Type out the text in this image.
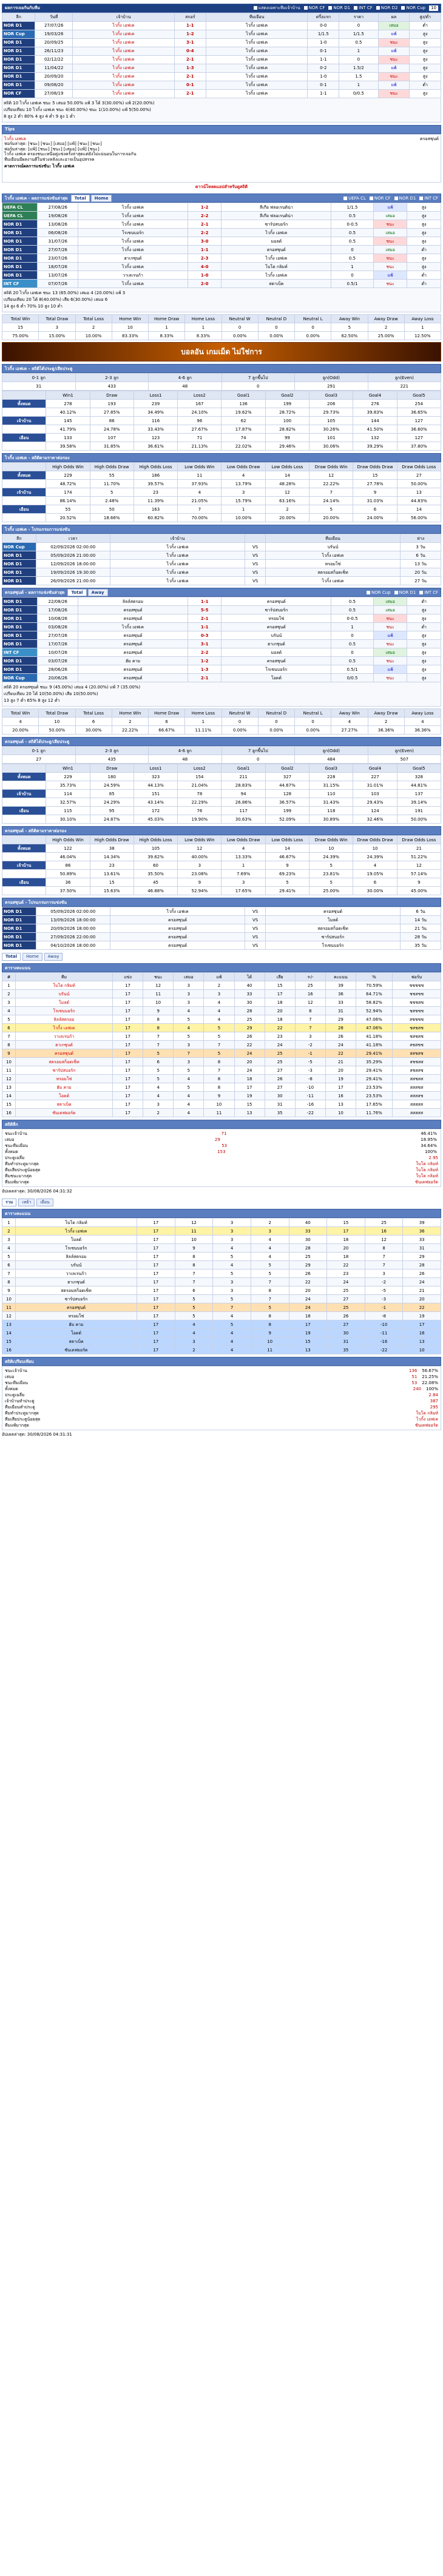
ผลการเจอกันกับทีม	แสดงเฉพาะทีมเจ้าบ้าน	NOR CF	NOR D1	INT CF	NOR D2	NOR Cup	10
ลีก	วันที่	เจ้าบ้าน	สกอร์	ทีมเยือน	ครึ่งแรก	ราคา	ผล	สูง/ต่ำ
NOR D1	27/07/26	ไวกิ้ง เอฟเค	1-1	ไวกิ้ง เอฟเค	0-0	0	เสมอ	ต่ำ
NOR Cup	19/03/26	ไวกิ้ง เอฟเค	1-2	ไวกิ้ง เอฟเค	1/1.5	1/1.5	แพ้	สูง
NOR D1	20/09/25	ไวกิ้ง เอฟเค	3-1	ไวกิ้ง เอฟเค	1-0	0.5	ชนะ	สูง
NOR D1	26/11/23	ไวกิ้ง เอฟเค	0-4	ไวกิ้ง เอฟเค	0-1	1	แพ้	สูง
NOR D1	02/12/22	ไวกิ้ง เอฟเค	2-1	ไวกิ้ง เอฟเค	1-1	0	ชนะ	สูง
NOR D1	11/04/22	ไวกิ้ง เอฟเค	1-3	ไวกิ้ง เอฟเค	0-2	1.5/2	แพ้	สูง
NOR D1	20/09/20	ไวกิ้ง เอฟเค	2-1	ไวกิ้ง เอฟเค	1-0	1.5	ชนะ	สูง
NOR D1	09/08/20	ไวกิ้ง เอฟเค	0-1	ไวกิ้ง เอฟเค	0-1	1	แพ้	ต่ำ
NOR CF	27/08/19	ไวกิ้ง เอฟเค	2-1	ไวกิ้ง เอฟเค	1-1	0/0.5	ชนะ	สูง
สถิติ 10 ไวกิ้ง เอฟเค ชนะ 5 เสมอ 50.00% แพ้ 3 ได้ 3(30.00%) แพ้ 2(20.00%)
เปรียบเทียบ 10 ไวกิ้ง เอฟเค ชนะ 4(40.00%) ชนะ 1(10.00%) แพ้ 5(50.00%)
8 สูง 2 ต่ำ 80% 4 สูง 4 ต่ำ 9 สูง 1 ต่ำ
Tips
ไวกิ้ง เอฟเค	ครอสซุนด์
ฟอร์มล่าสุด: [ชนะ] [ชนะ] [เสมอ] [แพ้] [ชนะ] [ชนะ]
ฟอร์มล่าสุด: [แพ้] [ชนะ] [ชนะ] [เสมอ] [แพ้] [ชนะ]
ไวกิ้ง เอฟเค ครองชนะเหนือคู่แข่งครั้งล่าสุดแต่ยังไม่แน่นอนในการเจอกัน
ทีมเยือนมีผลงานดีในช่วงหลังและอาจเป็นอุปสรรค
คาดการณ์ผลการแข่งขัน: ไวกิ้ง เอฟเค
ดาวน์โหลดแอปสำหรับดูสถิติ
ไวกิ้ง เอฟเค - ผลการแข่งขันล่าสุด	Total	Home	UEFA CL	NOR CF	NOR D1	INT CF
UEFA CL	27/08/26	ไวกิ้ง เอฟเค	1-2	ลีเกีย ฟลอเรนติน่า	1/1.5	แพ้	สูง
UEFA CL	19/08/26	ไวกิ้ง เอฟเค	2-2	ลีเกีย ฟลอเรนติน่า	0.5	เสมอ	สูง
NOR D1	13/08/26	ไวกิ้ง เอฟเค	2-1	ซาร์ปสบอร์ก	0-0.5	ชนะ	สูง
NOR D1	06/08/26	โรเซนบอร์ก	2-2	ไวกิ้ง เอฟเค	0.5	เสมอ	สูง
NOR D1	31/07/26	ไวกิ้ง เอฟเค	3-0	มอลด์	0.5	ชนะ	สูง
NOR D1	27/07/26	ไวกิ้ง เอฟเค	1-1	ครอสซุนด์	0	เสมอ	ต่ำ
NOR D1	23/07/26	ฮาเกซุนด์	2-3	ไวกิ้ง เอฟเค	0.5	ชนะ	สูง
NOR D1	18/07/26	ไวกิ้ง เอฟเค	4-0	โบโด กลิมท์	1	ชนะ	สูง
NOR D1	13/07/26	วาเลเรนก้า	1-0	ไวกิ้ง เอฟเค	0	แพ้	ต่ำ
INT CF	07/07/26	ไวกิ้ง เอฟเค	2-0	สตาเบ็ค	0.5/1	ชนะ	ต่ำ
สถิติ 20 ไวกิ้ง เอฟเค ชนะ 13 (65.00%) เสมอ 4 (20.00%) แพ้ 3
เปรียบเทียบ 20 ได้ 8(40.00%) เสีย 6(30.00%) เสมอ 6
14 สูง 6 ต่ำ 70% 10 สูง 10 ต่ำ
Total Win	Total Draw	Total Loss	Home Win	Home Draw	Home Loss	Neutral W	Neutral D	Neutral L	Away Win	Away Draw	Away Loss
15	3	2	10	1	1	0	0	0	5	2	1
75.00%	15.00%	10.00%	83.33%	8.33%	8.33%	0.00%	0.00%	0.00%	62.50%	25.00%	12.50%
บอลอัน เกมเม็ด ไม่ใช่การ
ไวกิ้ง เอฟเค - สถิติได้ประตู/เสียประตู
0-1 ลูก	2-3 ลูก	4-6 ลูก	7 ลูกขึ้นไป	ลูก(Odd)	ลูก(Even)
31	433	48	0	291	221
	Win1	Draw	Loss1	Loss2	Goal1	Goal2	Goal3	Goal4	Goal5
ทั้งหมด	278	193	239	167	136	199	206	276	254
	40.12%	27.85%	34.49%	24.10%	19.62%	28.72%	29.73%	39.83%	36.65%
เจ้าบ้าน	145	86	116	96	62	100	105	144	127
	41.79%	24.78%	33.43%	27.67%	17.87%	28.82%	30.26%	41.50%	36.60%
เยือน	133	107	123	71	74	99	101	132	127
	39.58%	31.85%	36.61%	21.13%	22.02%	29.46%	30.06%	39.29%	37.80%
ไวกิ้ง เอฟเค - สถิติตามราคาต่อรอง
	High Odds Win	High Odds Draw	High Odds Loss	Low Odds Win	Low Odds Draw	Low Odds Loss	Draw Odds Win	Draw Odds Draw	Draw Odds Loss
ทั้งหมด	229	55	186	11	4	14	12	15	27
	48.72%	11.70%	39.57%	37.93%	13.79%	48.28%	22.22%	27.78%	50.00%
เจ้าบ้าน	174	5	23	4	3	12	7	9	13
	86.14%	2.48%	11.39%	21.05%	15.79%	63.16%	24.14%	31.03%	44.83%
เยือน	55	50	163	7	1	2	5	6	14
	20.52%	18.66%	60.82%	70.00%	10.00%	20.00%	20.00%	24.00%	56.00%
ไวกิ้ง เอฟเค - โปรแกรมการแข่งขัน
ลีก	เวลา	เจ้าบ้าน		ทีมเยือน	ห่าง
NOR Cup	02/09/2026 02:00:00	ไวกิ้ง เอฟเค	VS	บรันน์	3 วัน
NOR D1	05/09/2026 21:00:00	ไวกิ้ง เอฟเค	VS	ไวกิ้ง เอฟเค	6 วัน
NOR D1	12/09/2026 18:00:00	ไวกิ้ง เอฟเค	VS	ทรอมโซ่	13 วัน
NOR D1	19/09/2026 19:30:00	ไวกิ้ง เอฟเค	VS	สตรอมสก็อดเซ็ท	20 วัน
NOR D1	26/09/2026 21:00:00	ไวกิ้ง เอฟเค	VS	ไวกิ้ง เอฟเค	27 วัน
ครอสซุนด์ - ผลการแข่งขันล่าสุด	Total	Away	NOR Cup	NOR D1	INT CF
NOR D1	22/08/26	ลิลล์สตรอม	1-1	ครอสซุนด์	0.5	เสมอ	ต่ำ
NOR D1	17/08/26	ครอสซุนด์	5-5	ซาร์ปสบอร์ก	0.5	เสมอ	สูง
NOR D1	10/08/26	ครอสซุนด์	2-1	ทรอมโซ่	0-0.5	ชนะ	สูง
NOR D1	03/08/26	ไวกิ้ง เอฟเค	1-1	ครอสซุนด์	1	ชนะ	ต่ำ
NOR D1	27/07/26	ครอสซุนด์	0-3	บรันน์	0	แพ้	สูง
NOR D1	17/07/26	ครอสซุนด์	3-1	ฮาเกซุนด์	0.5	ชนะ	สูง
INT CF	10/07/26	ครอสซุนด์	2-2	มอลด์	0	เสมอ	สูง
NOR D1	03/07/26	ฮัม คาม	1-2	ครอสซุนด์	0.5	ชนะ	สูง
NOR D1	28/06/26	ครอสซุนด์	1-3	โรเซนบอร์ก	0.5/1	แพ้	สูง
NOR Cup	20/06/26	ครอสซุนด์	2-1	โอดด์	0/0.5	ชนะ	สูง
สถิติ 20 ครอสซุนด์ ชนะ 9 (45.00%) เสมอ 4 (20.00%) แพ้ 7 (35.00%)
เปรียบเทียบ 20 ได้ 10(50.00%) เสีย 10(50.00%)
13 สูง 7 ต่ำ 65% 8 สูง 12 ต่ำ
Total Win	Total Draw	Total Loss	Home Win	Home Draw	Home Loss	Neutral W	Neutral D	Neutral L	Away Win	Away Draw	Away Loss
4	10	6	2	6	1	0	0	0	4	2	4
20.00%	50.00%	30.00%	22.22%	66.67%	11.11%	0.00%	0.00%	0.00%	27.27%	36.36%	36.36%
ครอสซุนด์ - สถิติได้ประตู/เสียประตู
0-1 ลูก	2-3 ลูก	4-6 ลูก	7 ลูกขึ้นไป	ลูก(Odd)	ลูก(Even)
27	435	48	0	484	507
	Win1	Draw	Loss1	Loss2	Goal1	Goal2	Goal3	Goal4	Goal5
ทั้งหมด	229	180	323	154	211	327	228	227	328
	35.73%	24.59%	44.13%	21.04%	28.83%	44.67%	31.15%	31.01%	44.81%
เจ้าบ้าน	114	85	151	78	94	128	110	103	137
	32.57%	24.29%	43.14%	22.29%	26.86%	36.57%	31.43%	29.43%	39.14%
เยือน	115	95	172	76	117	199	118	124	191
	30.10%	24.87%	45.03%	19.90%	30.63%	52.09%	30.89%	32.46%	50.00%
ครอสซุนด์ - สถิติตามราคาต่อรอง
	High Odds Win	High Odds Draw	High Odds Loss	Low Odds Win	Low Odds Draw	Low Odds Loss	Draw Odds Win	Draw Odds Draw	Draw Odds Loss
ทั้งหมด	122	38	105	12	4	14	10	10	21
	46.04%	14.34%	39.62%	40.00%	13.33%	46.67%	24.39%	24.39%	51.22%
เจ้าบ้าน	86	23	60	3	1	9	5	4	12
	50.89%	13.61%	35.50%	23.08%	7.69%	69.23%	23.81%	19.05%	57.14%
เยือน	36	15	45	9	3	5	5	6	9
	37.50%	15.63%	46.88%	52.94%	17.65%	29.41%	25.00%	30.00%	45.00%
ครอสซุนด์ - โปรแกรมการแข่งขัน
NOR D1	05/09/2026 02:00:00	ไวกิ้ง เอฟเค	VS	ครอสซุนด์	6 วัน
NOR D1	13/09/2026 18:00:00	ครอสซุนด์	VS	โมลด์	14 วัน
NOR D1	20/09/2026 18:00:00	ครอสซุนด์	VS	สตรอมสก็อดเซ็ท	21 วัน
NOR D1	27/09/2026 22:00:00	ครอสซุนด์	VS	ซาร์ปสบอร์ก	28 วัน
NOR D1	04/10/2026 18:00:00	ครอสซุนด์	VS	โรเซนบอร์ก	35 วัน
Total	Home	Away
ตารางคะแนน
#	ทีม	แข่ง	ชนะ	เสมอ	แพ้	ได้	เสีย	+/-	คะแนน	%	ฟอร์ม
1	โบโด กลิมท์	17	12	3	2	40	15	25	39	70.59%	ชชชชช
2	บรันน์	17	11	3	3	33	17	16	36	64.71%	ชชสชช
3	โมลด์	17	10	3	4	30	18	12	33	58.82%	ชชชสช
4	โรเซนบอร์ก	17	9	4	4	28	20	8	31	52.94%	ชสชชช
5	ลิลล์สตรอม	17	8	5	4	25	18	7	29	47.06%	สชชชช
6	ไวกิ้ง เอฟเค	17	8	4	5	29	22	7	28	47.06%	ชสชสช
7	วาเลเรนก้า	17	7	5	5	26	23	3	26	41.18%	ชสชสช
8	ฮาเกซุนด์	17	7	3	7	22	24	-2	24	41.18%	สชสชช
9	ครอสซุนด์	17	5	7	5	24	25	-1	22	29.41%	สสชสช
10	สตรอมสก็อดเซ็ท	17	6	3	8	20	25	-5	21	35.29%	สชชสส
11	ซาร์ปสบอร์ก	17	5	5	7	24	27	-3	20	29.41%	สชสสช
12	ทรอมโซ่	17	5	4	8	18	26	-8	19	29.41%	สสชสส
13	ฮัม คาม	17	4	5	8	17	27	-10	17	23.53%	สสสชส
14	โอดด์	17	4	4	9	19	30	-11	16	23.53%	สสสสช
15	สตาเบ็ค	17	3	4	10	15	31	-16	13	17.65%	สสสสส
16	ซันเดฟยอร์ด	17	2	4	11	13	35	-22	10	11.76%	สสสสส
สถิติลีก
ชนะเจ้าบ้าน	71	46.41%
เสมอ	29	18.95%
ชนะทีมเยือน	53	34.64%
ทั้งหมด	153	100%
ประตูเฉลี่ย	2.95
ทีมทำประตูมากสุด	โบโด กลิมท์
ทีมเสียประตูน้อยสุด	โบโด กลิมท์
ทีมชนะมากสุด	โบโด กลิมท์
ทีมแพ้มากสุด	ซันเดฟยอร์ด
อัปเดตล่าสุด: 30/08/2026 04:31:32
รวม	เหย้า	เยือน
ตารางคะแนน
1	โบโด กลิมท์	17	12	3	2	40	15	25	39
2	ไวกิ้ง เอฟเค	17	11	3	3	33	17	16	36
3	โมลด์	17	10	3	4	30	18	12	33
4	โรเซนบอร์ก	17	9	4	4	28	20	8	31
5	ลิลล์สตรอม	17	8	5	4	25	18	7	29
6	บรันน์	17	8	4	5	29	22	7	28
7	วาเลเรนก้า	17	7	5	5	26	23	3	26
8	ฮาเกซุนด์	17	7	3	7	22	24	-2	24
9	สตรอมสก็อดเซ็ท	17	6	3	8	20	25	-5	21
10	ซาร์ปสบอร์ก	17	5	5	7	24	27	-3	20
11	ครอสซุนด์	17	5	7	5	24	25	-1	22
12	ทรอมโซ่	17	5	4	8	18	26	-8	19
13	ฮัม คาม	17	4	5	8	17	27	-10	17
14	โอดด์	17	4	4	9	19	30	-11	16
15	สตาเบ็ค	17	3	4	10	15	31	-16	13
16	ซันเดฟยอร์ด	17	2	4	11	13	35	-22	10
สถิติเปรียบเทียบ
ชนะเจ้าบ้าน	136 56.67%
เสมอ	51 21.25%
ชนะทีมเยือน	53 22.08%
ทั้งหมด	240 100%
ประตูเฉลี่ย	2.84
เจ้าบ้านทำประตู	387
ทีมเยือนทำประตู	295
ทีมทำประตูมากสุด	โบโด กลิมท์
ทีมเสียประตูน้อยสุด	ไวกิ้ง เอฟเค
ทีมแพ้มากสุด	ซันเดฟยอร์ด
อัปเดตล่าสุด: 30/08/2026 04:31:31
